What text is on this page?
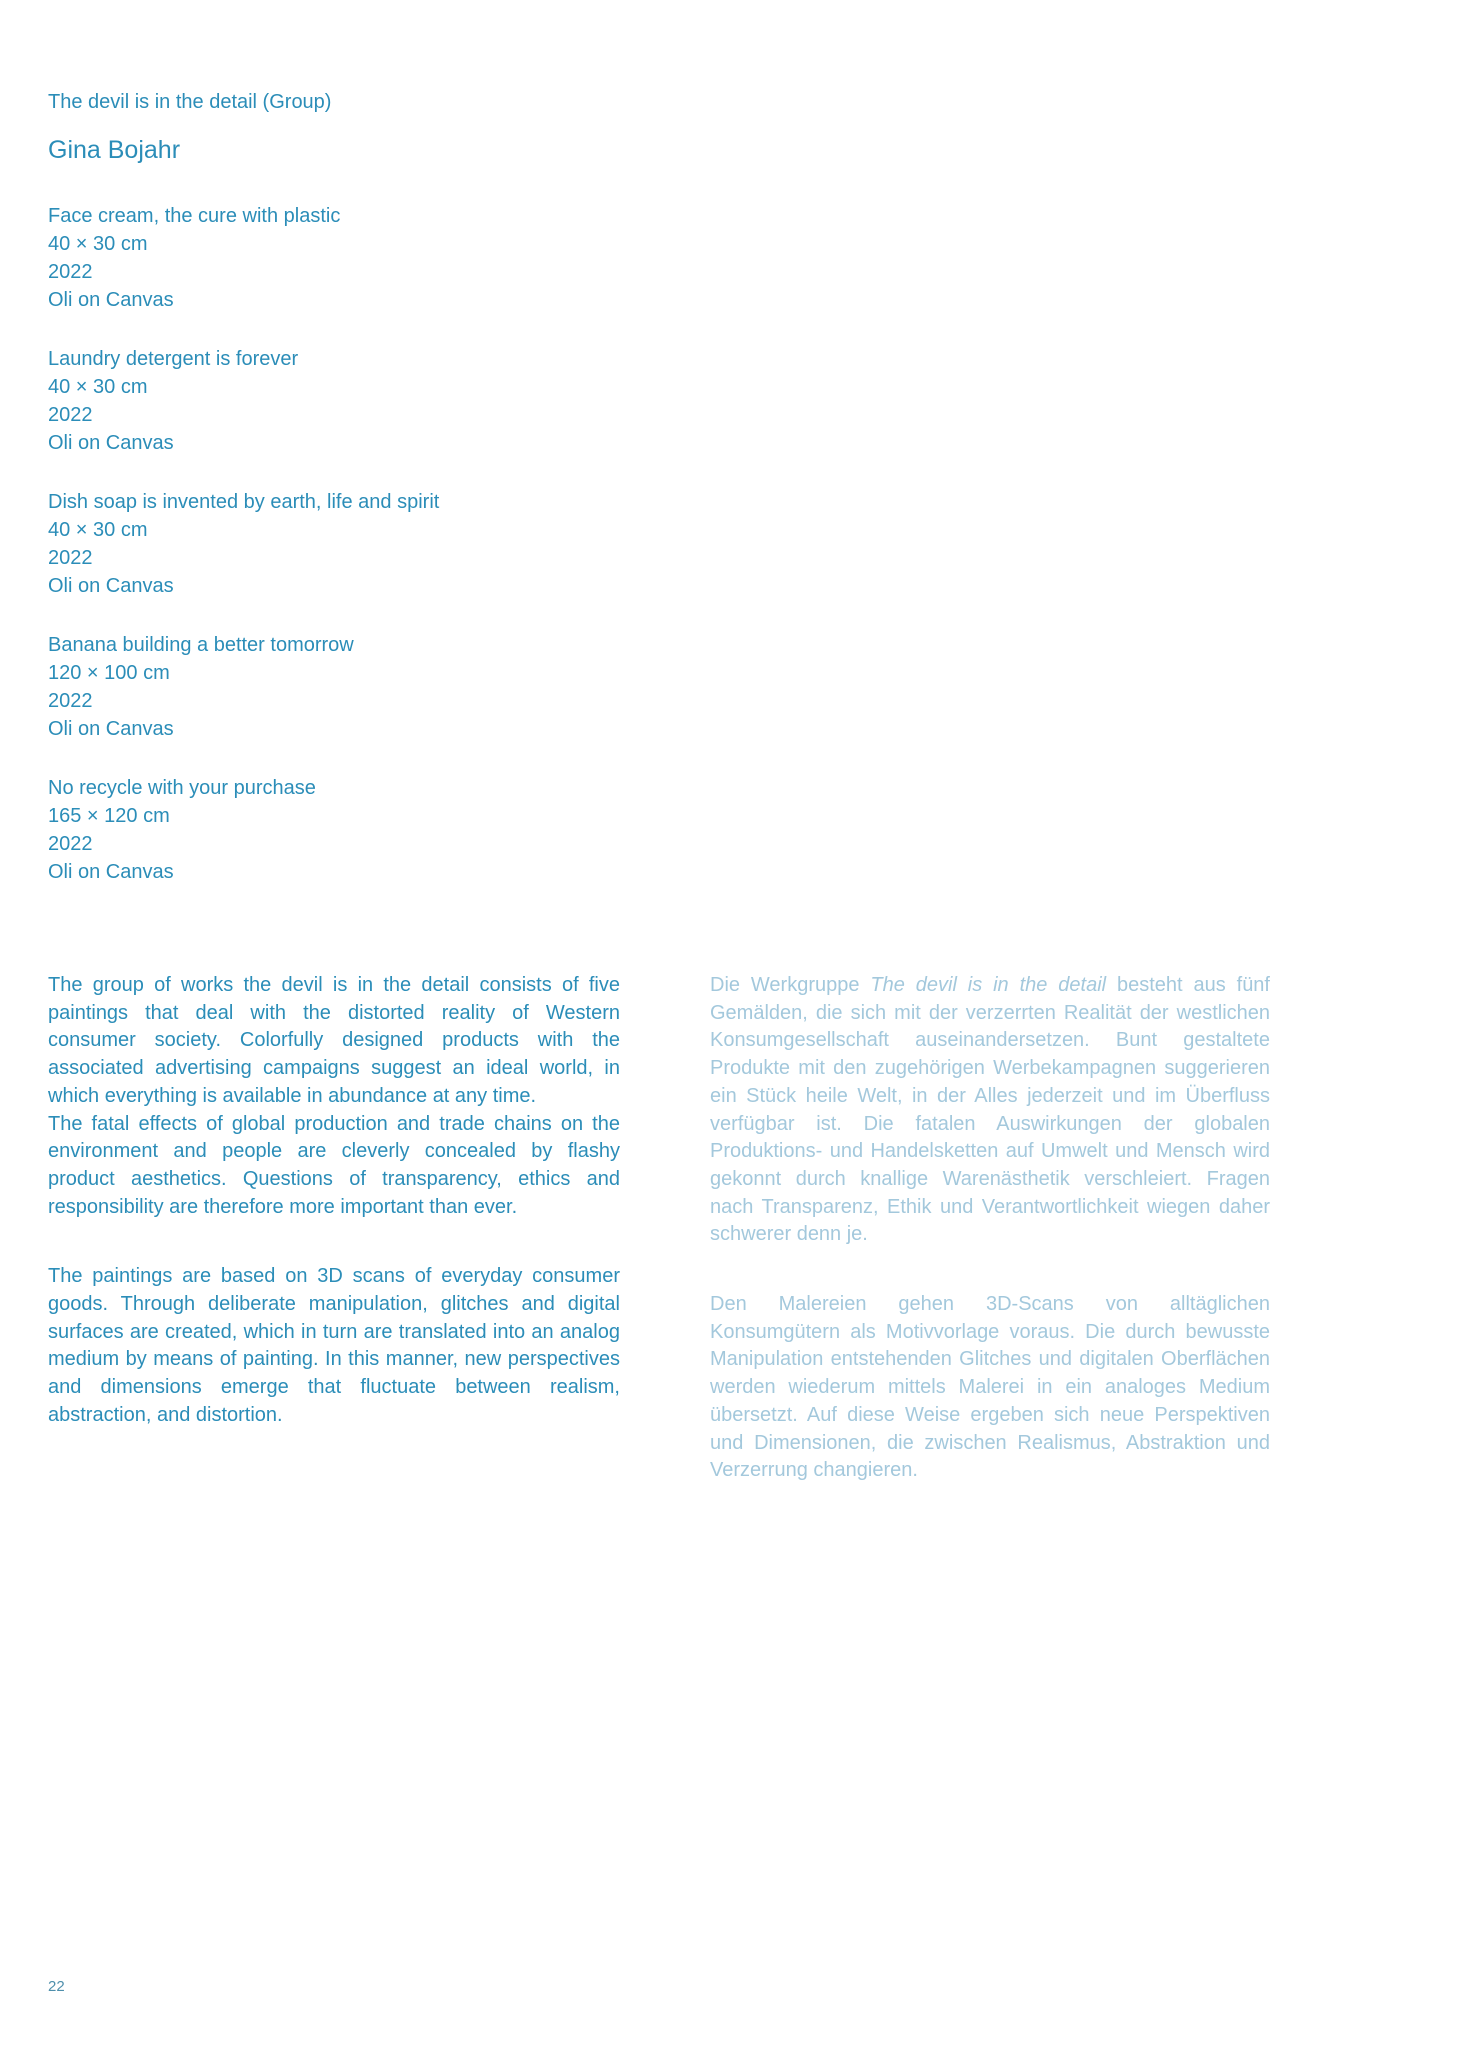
The devil is in the detail (Group)
Gina Bojahr
Face cream, the cure with plastic
40 × 30 cm
2022
Oli on Canvas
Laundry detergent is forever
40 × 30 cm
2022
Oli on Canvas
Dish soap is invented by earth, life and spirit
40 × 30 cm
2022
Oli on Canvas
Banana building a better tomorrow
120 × 100 cm
2022
Oli on Canvas
No recycle with your purchase
165 × 120 cm
2022
Oli on Canvas

The group of works the devil is in the detail consists of five paintings that deal with the distorted reality of Western consumer society. Colorfully designed products with the associated advertising campaigns suggest an ideal world, in which everything is available in abundance at any time.

The fatal effects of global production and trade chains on the environment and people are cleverly concealed by flashy product aesthetics. Questions of transparency, ethics and responsibility are therefore more important than ever.

The paintings are based on 3D scans of everyday consumer goods. Through deliberate manipulation, glitches and digital surfaces are created, which in turn are translated into an analog medium by means of painting. In this manner, new perspectives and dimensions emerge that fluctuate between realism, abstraction, and distortion.

Die Werkgruppe The devil is in the detail besteht aus fünf Gemälden, die sich mit der verzerrten Realität der westlichen Konsumgesellschaft auseinandersetzen. Bunt gestaltete Produkte mit den zugehörigen Werbekampagnen suggerieren ein Stück heile Welt, in der Alles jederzeit und im Überfluss verfügbar ist. Die fatalen Auswirkungen der globalen Produktions- und Handelsketten auf Umwelt und Mensch wird gekonnt durch knallige Warenästhetik verschleiert. Fragen nach Transparenz, Ethik und Verantwortlichkeit wiegen daher schwerer denn je.

Den Malereien gehen 3D-Scans von alltäglichen Konsumgütern als Motivvorlage voraus. Die durch bewusste Manipulation entstehenden Glitches und digitalen Oberflächen werden wiederum mittels Malerei in ein analoges Medium übersetzt. Auf diese Weise ergeben sich neue Perspektiven und Dimensionen, die zwischen Realismus, Abstraktion und Verzerrung changieren.

22
